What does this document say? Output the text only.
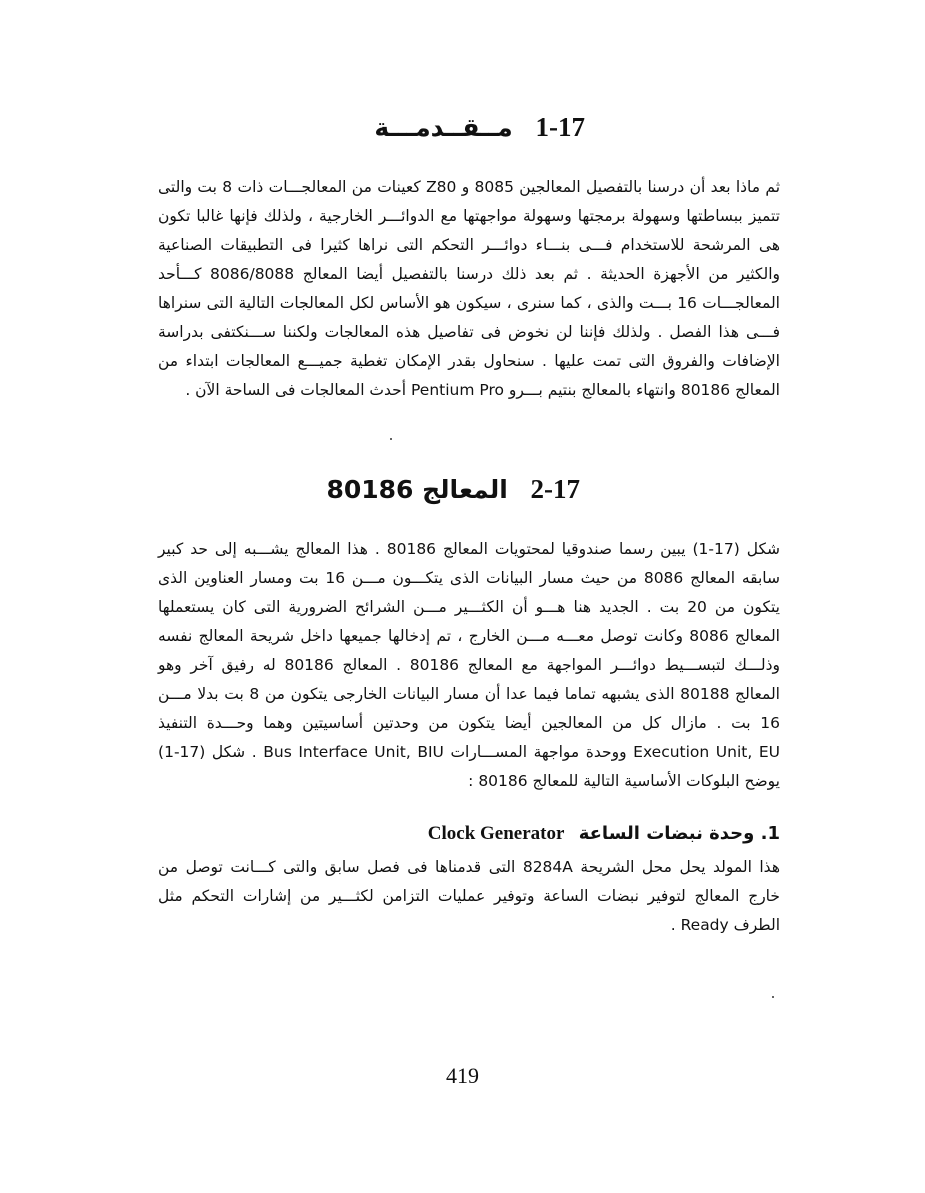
1-17 مــقــدمـــة

ثم ماذا بعد أن درسنا بالتفصيل المعالجين 8085 و Z80 كعينات من المعالجـــات ذات 8 بت والتى تتميز ببساطتها وسهولة برمجتها وسهولة مواجهتها مع الدوائـــر الخارجية ، ولذلك فإنها غالبا تكون هى المرشحة للاستخدام فـــى بنـــاء دوائـــر التحكم التى نراها كثيرا فى التطبيقات الصناعية والكثير من الأجهزة الحديثة . ثم بعد ذلك درسنا بالتفصيل أيضا المعالج 8086/8088 كـــأحد المعالجـــات 16 بـــت والذى ، كما سنرى ، سيكون هو الأساس لكل المعالجات التالية التى سنراها فـــى هذا الفصل . ولذلك فإننا لن نخوض فى تفاصيل هذه المعالجات ولكننا ســـنكتفى بدراسة الإضافات والفروق التى تمت عليها . سنحاول بقدر الإمكان تغطية جميـــع المعالجات ابتداء من المعالج 80186 وانتهاء بالمعالج بنتيم بـــرو Pentium Pro أحدث المعالجات فى الساحة الآن .

2-17 المعالج 80186

شكل (17-1) يبين رسما صندوقيا لمحتويات المعالج 80186 . هذا المعالج يشـــبه إلى حد كبير سابقه المعالج 8086 من حيث مسار البيانات الذى يتكـــون مـــن 16 بت ومسار العناوين الذى يتكون من 20 بت . الجديد هنا هـــو أن الكثـــير مـــن الشرائح الضرورية التى كان يستعملها المعالج 8086 وكانت توصل معـــه مـــن الخارج ، تم إدخالها جميعها داخل شريحة المعالج نفسه وذلـــك لتبســـيط دوائـــر المواجهة مع المعالج 80186 . المعالج 80186 له رفيق آخر وهو المعالج 80188 الذى يشبهه تماما فيما عدا أن مسار البيانات الخارجى يتكون من 8 بت بدلا مـــن 16 بت . مازال كل من المعالجين أيضا يتكون من وحدتين أساسيتين وهما وحـــدة التنفيذ Execution Unit, EU ووحدة مواجهة المســـارات Bus Interface Unit, BIU . شكل (17-1) يوضح البلوكات الأساسية التالية للمعالج 80186 :

1. وحدة نبضات الساعة Clock Generator

هذا المولد يحل محل الشريحة 8284A التى قدمناها فى فصل سابق والتى كـــانت توصل من خارج المعالج لتوفير نبضات الساعة وتوفير عمليات التزامن لكثـــير من إشارات التحكم مثل الطرف Ready .

419
